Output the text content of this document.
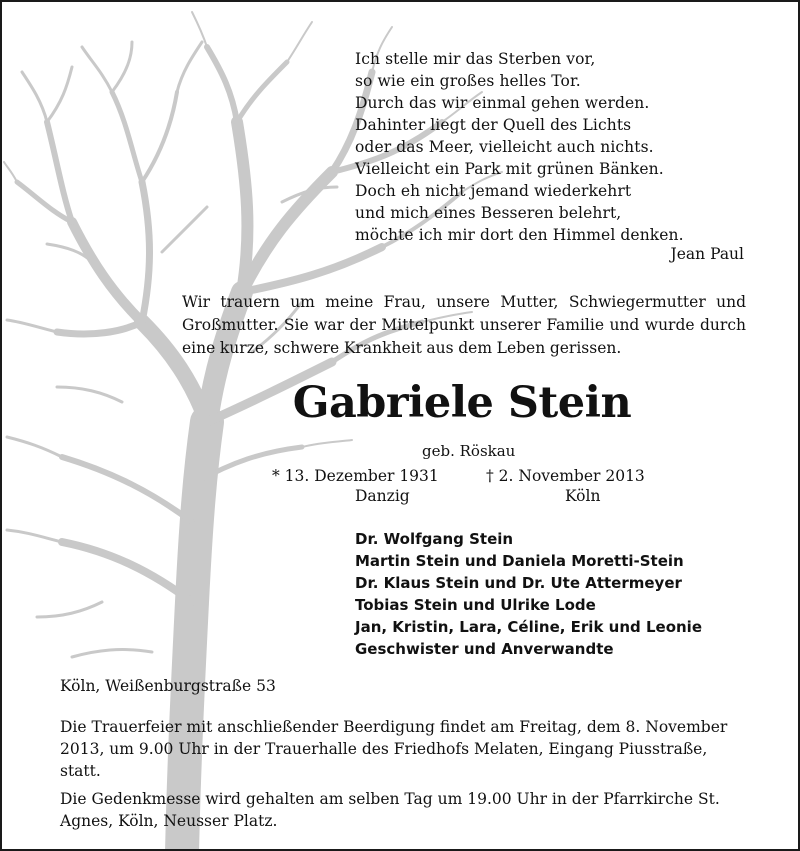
Ich stelle mir das Sterben vor,
so wie ein großes helles Tor.
Durch das wir einmal gehen werden.
Dahinter liegt der Quell des Lichts
oder das Meer, vielleicht auch nichts.
Vielleicht ein Park mit grünen Bänken.
Doch eh nicht jemand wiederkehrt
und mich eines Besseren belehrt,
möchte ich mir dort den Himmel denken.
Jean Paul
Wir trauern um meine Frau, unsere Mutter, Schwiegermutter und Großmutter. Sie war der Mittelpunkt unserer Familie und wurde durch eine kurze, schwere Krankheit aus dem Leben gerissen.
Gabriele Stein
geb. Röskau
* 13. Dezember 1931	† 2. November 2013
Danzig	Köln
Dr. Wolfgang Stein
Martin Stein und Daniela Moretti-Stein
Dr. Klaus Stein und Dr. Ute Attermeyer
Tobias Stein und Ulrike Lode
Jan, Kristin, Lara, Céline, Erik und Leonie
Geschwister und Anverwandte
Köln, Weißenburgstraße 53

Die Trauerfeier mit anschließender Beerdigung findet am Freitag, dem 8. November 2013, um 9.00 Uhr in der Trauerhalle des Friedhofs Melaten, Eingang Piusstraße, statt.

Die Gedenkmesse wird gehalten am selben Tag um 19.00 Uhr in der Pfarrkirche St. Agnes, Köln, Neusser Platz.
